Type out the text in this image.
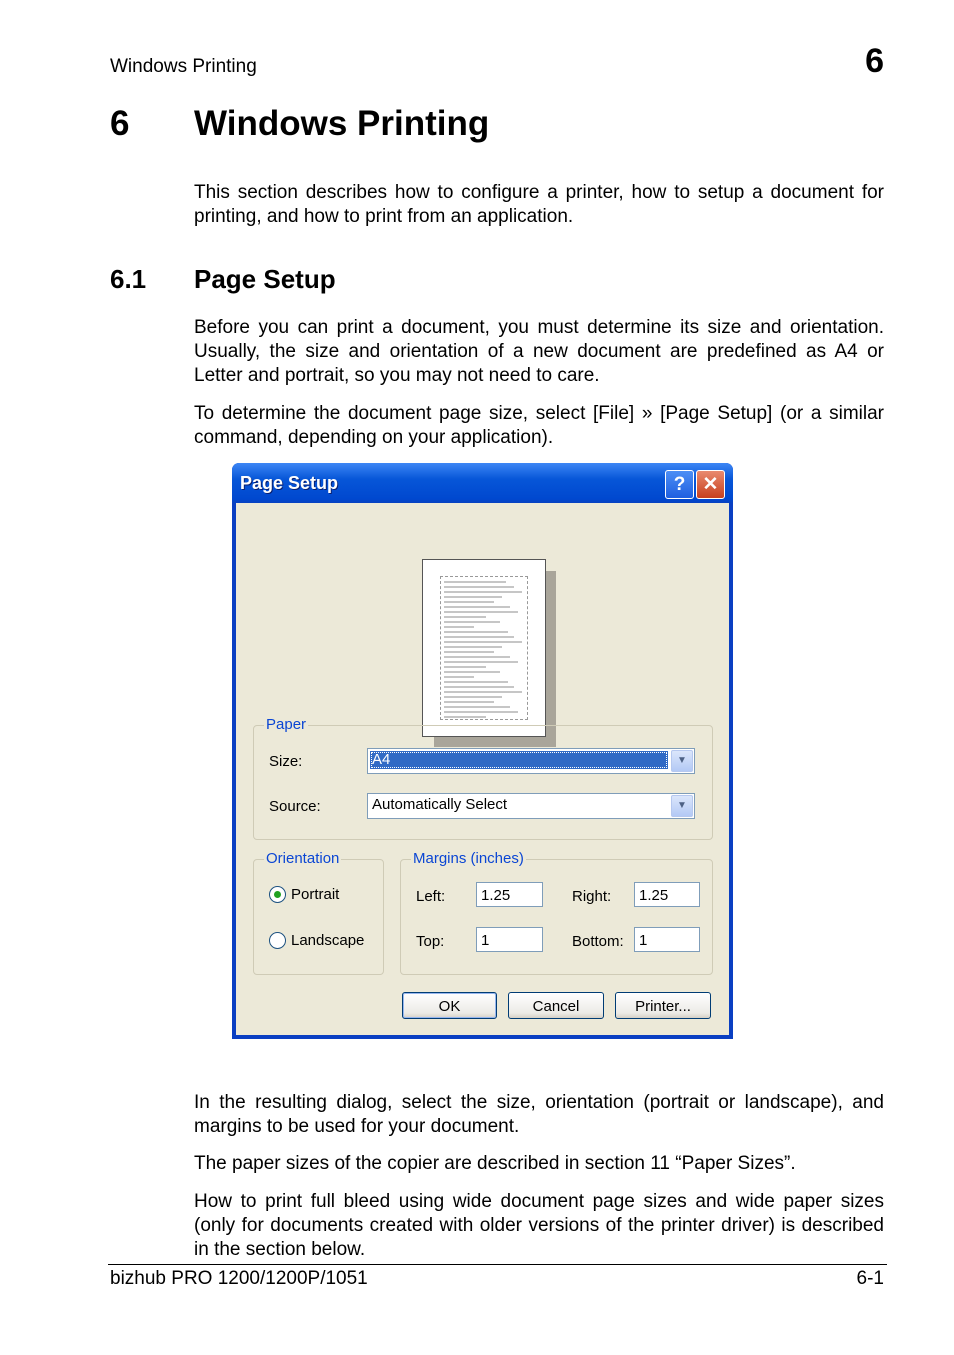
Windows Printing	6
6 Windows Printing
This section describes how to configure a printer, how to setup a document for printing, and how to print from an application.
6.1 Page Setup
Before you can print a document, you must determine its size and orientation. Usually, the size and orientation of a new document are predefined as A4 or Letter and portrait, so you may not need to care.
To determine the document page size, select [File] » [Page Setup] (or a similar command, depending on your application).
Page Setup	? ✕
Paper
Size:	A4	▼
Source:	Automatically Select	▼
Orientation
Portrait
Landscape
Margins (inches)
Left:	1.25	Right:	1.25
Top:	1	Bottom:	1
OK	Cancel	Printer...
In the resulting dialog, select the size, orientation (portrait or landscape), and margins to be used for your document.
The paper sizes of the copier are described in section 11 “Paper Sizes”.
How to print full bleed using wide document page sizes and wide paper sizes (only for documents created with older versions of the printer driver) is described in the section below.
bizhub PRO 1200/1200P/1051	6-1
